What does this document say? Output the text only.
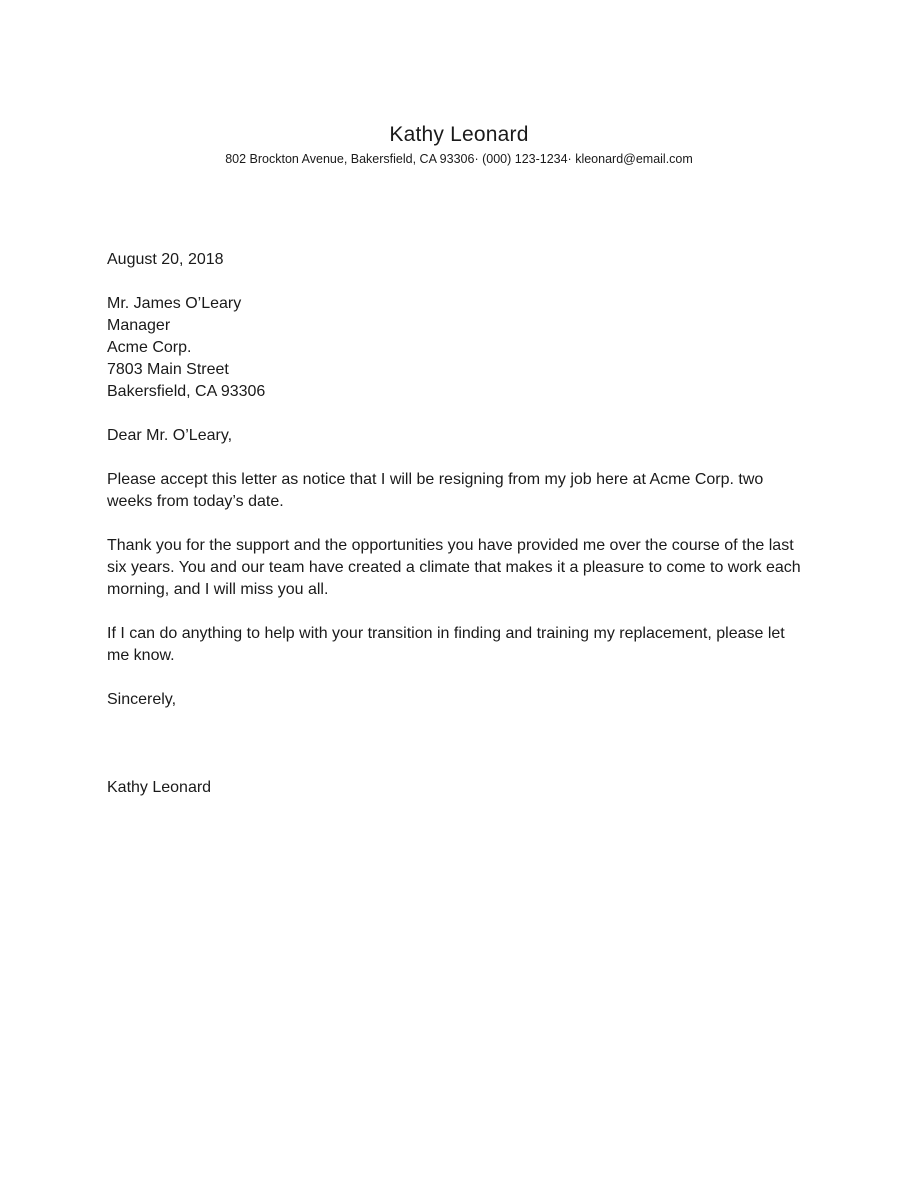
Kathy Leonard
802 Brockton Avenue, Bakersfield, CA 93306· (000) 123-1234· kleonard@email.com

August 20, 2018

Mr. James O’Leary

Manager

Acme Corp.

7803 Main Street

Bakersfield, CA 93306

Dear Mr. O’Leary,

Please accept this letter as notice that I will be resigning from my job here at Acme Corp. two weeks from today’s date.

Thank you for the support and the opportunities you have provided me over the course of the last six years. You and our team have created a climate that makes it a pleasure to come to work each morning, and I will miss you all.

If I can do anything to help with your transition in finding and training my replacement, please let me know.

Sincerely,

Kathy Leonard
